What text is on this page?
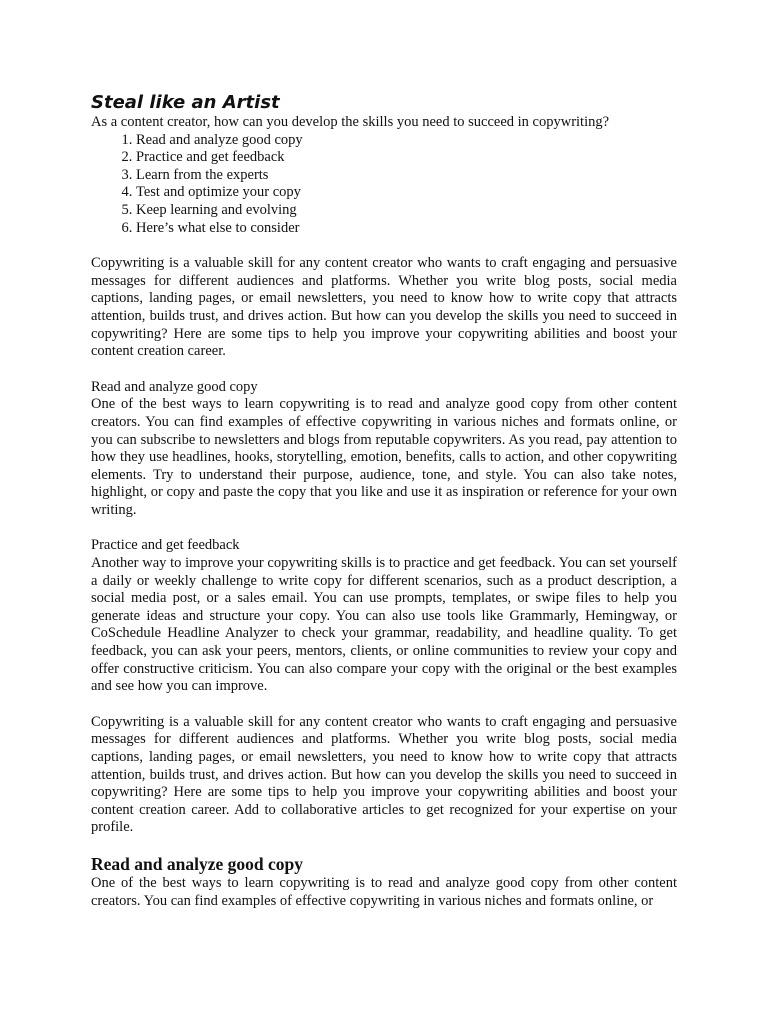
Steal like an Artist

As a content creator, how can you develop the skills you need to succeed in copywriting?

1. Read and analyze good copy
2. Practice and get feedback
3. Learn from the experts
4. Test and optimize your copy
5. Keep learning and evolving
6. Here’s what else to consider

Copywriting is a valuable skill for any content creator who wants to craft engaging and persuasive messages for different audiences and platforms. Whether you write blog posts, social media captions, landing pages, or email newsletters, you need to know how to write copy that attracts attention, builds trust, and drives action. But how can you develop the skills you need to succeed in copywriting? Here are some tips to help you improve your copywriting abilities and boost your content creation career.

Read and analyze good copy

One of the best ways to learn copywriting is to read and analyze good copy from other content creators. You can find examples of effective copywriting in various niches and formats online, or you can subscribe to newsletters and blogs from reputable copywriters. As you read, pay attention to how they use headlines, hooks, storytelling, emotion, benefits, calls to action, and other copywriting elements. Try to understand their purpose, audience, tone, and style. You can also take notes, highlight, or copy and paste the copy that you like and use it as inspiration or reference for your own writing.

Practice and get feedback

Another way to improve your copywriting skills is to practice and get feedback. You can set yourself a daily or weekly challenge to write copy for different scenarios, such as a product description, a social media post, or a sales email. You can use prompts, templates, or swipe files to help you generate ideas and structure your copy. You can also use tools like Grammarly, Hemingway, or CoSchedule Headline Analyzer to check your grammar, readability, and headline quality. To get feedback, you can ask your peers, mentors, clients, or online communities to review your copy and offer constructive criticism. You can also compare your copy with the original or the best examples and see how you can improve.

Copywriting is a valuable skill for any content creator who wants to craft engaging and persuasive messages for different audiences and platforms. Whether you write blog posts, social media captions, landing pages, or email newsletters, you need to know how to write copy that attracts attention, builds trust, and drives action. But how can you develop the skills you need to succeed in copywriting? Here are some tips to help you improve your copywriting abilities and boost your content creation career. Add to collaborative articles to get recognized for your expertise on your profile.

Read and analyze good copy

One of the best ways to learn copywriting is to read and analyze good copy from other content creators. You can find examples of effective copywriting in various niches and formats online, or
